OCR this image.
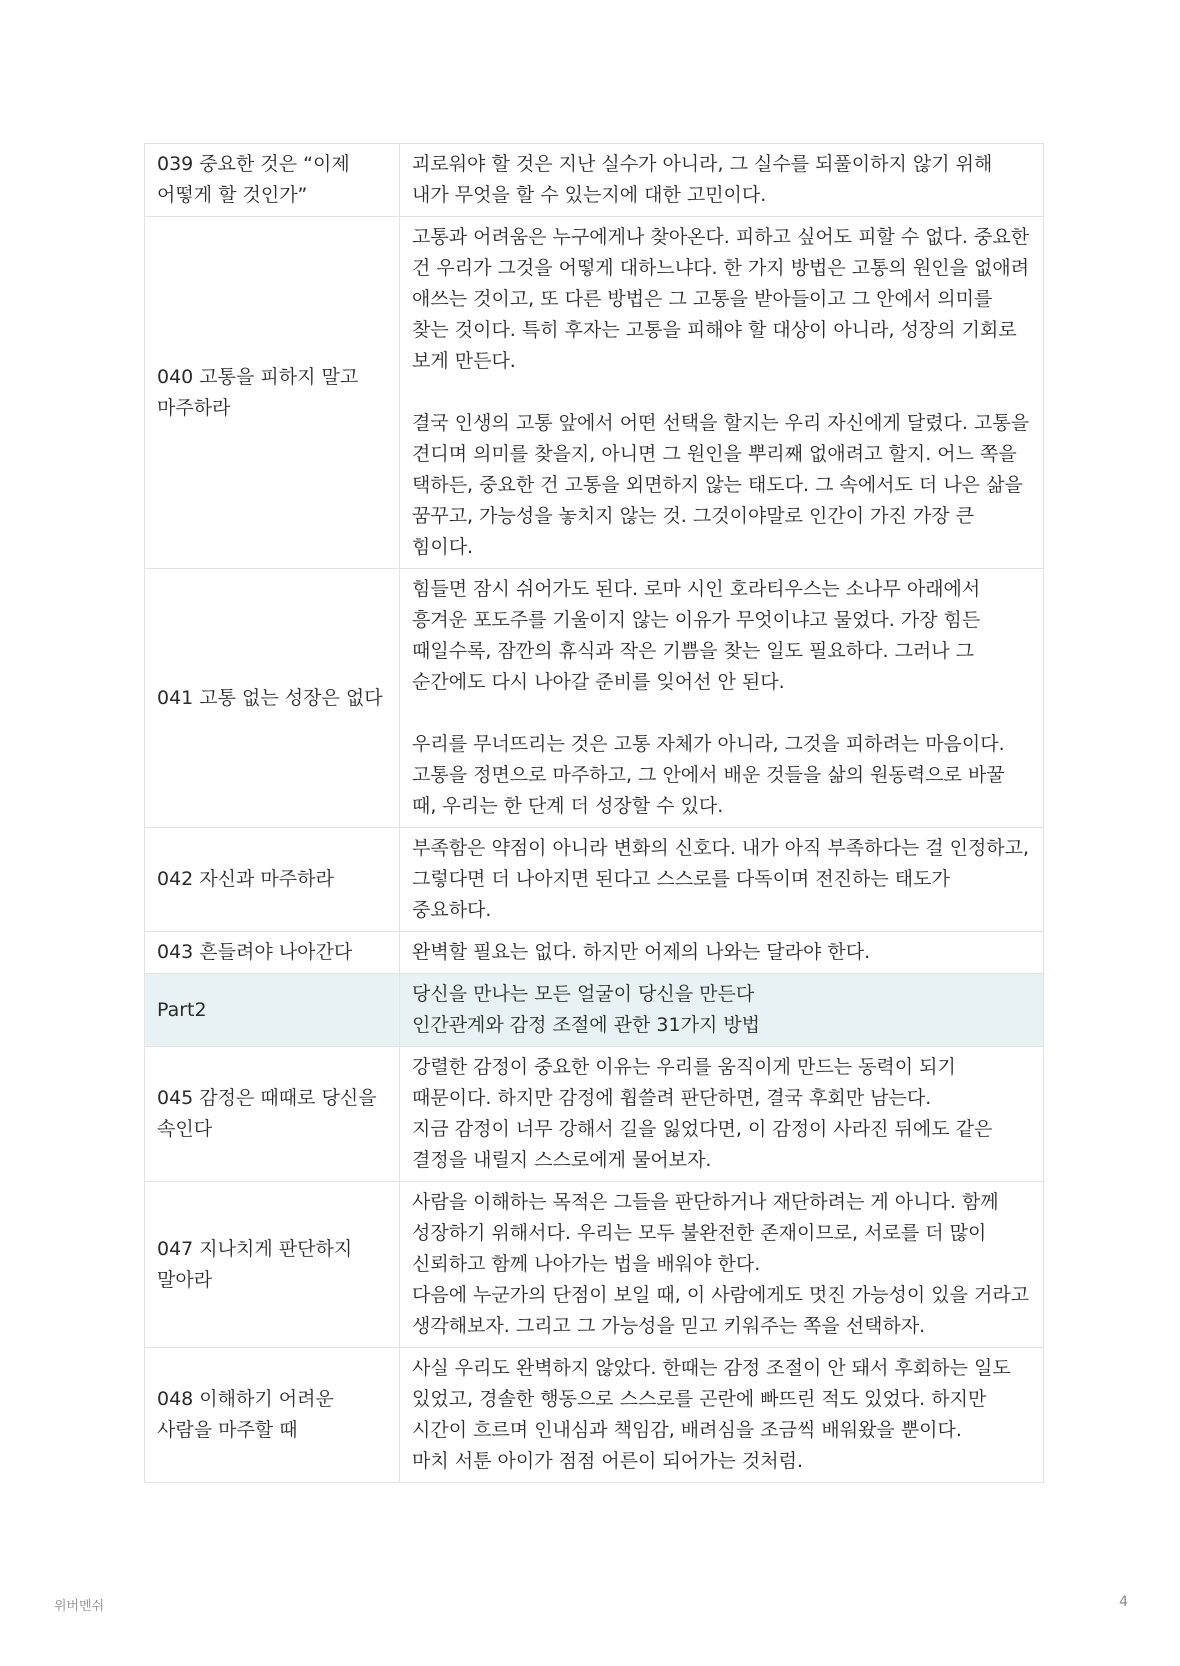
039 중요한 것은 “이제 어떻게 할 것인가”	괴로워야 할 것은 지난 실수가 아니라, 그 실수를 되풀이하지 않기 위해 내가 무엇을 할 수 있는지에 대한 고민이다.

040 고통을 피하지 말고 마주하라	고통과 어려움은 누구에게나 찾아온다. 피하고 싶어도 피할 수 없다. 중요한 건 우리가 그것을 어떻게 대하느냐다. 한 가지 방법은 고통의 원인을 없애려 애쓰는 것이고, 또 다른 방법은 그 고통을 받아들이고 그 안에서 의미를 찾는 것이다. 특히 후자는 고통을 피해야 할 대상이 아니라, 성장의 기회로 보게 만든다.

결국 인생의 고통 앞에서 어떤 선택을 할지는 우리 자신에게 달렸다. 고통을 견디며 의미를 찾을지, 아니면 그 원인을 뿌리째 없애려고 할지. 어느 쪽을 택하든, 중요한 건 고통을 외면하지 않는 태도다. 그 속에서도 더 나은 삶을 꿈꾸고, 가능성을 놓치지 않는 것. 그것이야말로 인간이 가진 가장 큰 힘이다.

041 고통 없는 성장은 없다	힘들면 잠시 쉬어가도 된다. 로마 시인 호라티우스는 소나무 아래에서 흥겨운 포도주를 기울이지 않는 이유가 무엇이냐고 물었다. 가장 힘든 때일수록, 잠깐의 휴식과 작은 기쁨을 찾는 일도 필요하다. 그러나 그 순간에도 다시 나아갈 준비를 잊어선 안 된다.

우리를 무너뜨리는 것은 고통 자체가 아니라, 그것을 피하려는 마음이다. 고통을 정면으로 마주하고, 그 안에서 배운 것들을 삶의 원동력으로 바꿀 때, 우리는 한 단계 더 성장할 수 있다.

042 자신과 마주하라	부족함은 약점이 아니라 변화의 신호다. 내가 아직 부족하다는 걸 인정하고, 그렇다면 더 나아지면 된다고 스스로를 다독이며 전진하는 태도가 중요하다.

043 흔들려야 나아간다	완벽할 필요는 없다. 하지만 어제의 나와는 달라야 한다.

Part2	당신을 만나는 모든 얼굴이 당신을 만든다
인간관계와 감정 조절에 관한 31가지 방법

045 감정은 때때로 당신을 속인다	강렬한 감정이 중요한 이유는 우리를 움직이게 만드는 동력이 되기 때문이다. 하지만 감정에 휩쓸려 판단하면, 결국 후회만 남는다.

지금 감정이 너무 강해서 길을 잃었다면, 이 감정이 사라진 뒤에도 같은 결정을 내릴지 스스로에게 물어보자.

047 지나치게 판단하지 말아라	사람을 이해하는 목적은 그들을 판단하거나 재단하려는 게 아니다. 함께 성장하기 위해서다. 우리는 모두 불완전한 존재이므로, 서로를 더 많이 신뢰하고 함께 나아가는 법을 배워야 한다.

다음에 누군가의 단점이 보일 때, 이 사람에게도 멋진 가능성이 있을 거라고 생각해보자. 그리고 그 가능성을 믿고 키워주는 쪽을 선택하자.

048 이해하기 어려운 사람을 마주할 때	사실 우리도 완벽하지 않았다. 한때는 감정 조절이 안 돼서 후회하는 일도 있었고, 경솔한 행동으로 스스로를 곤란에 빠뜨린 적도 있었다. 하지만 시간이 흐르며 인내심과 책임감, 배려심을 조금씩 배워왔을 뿐이다.

마치 서툰 아이가 점점 어른이 되어가는 것처럼.

위버멘쉬	4
